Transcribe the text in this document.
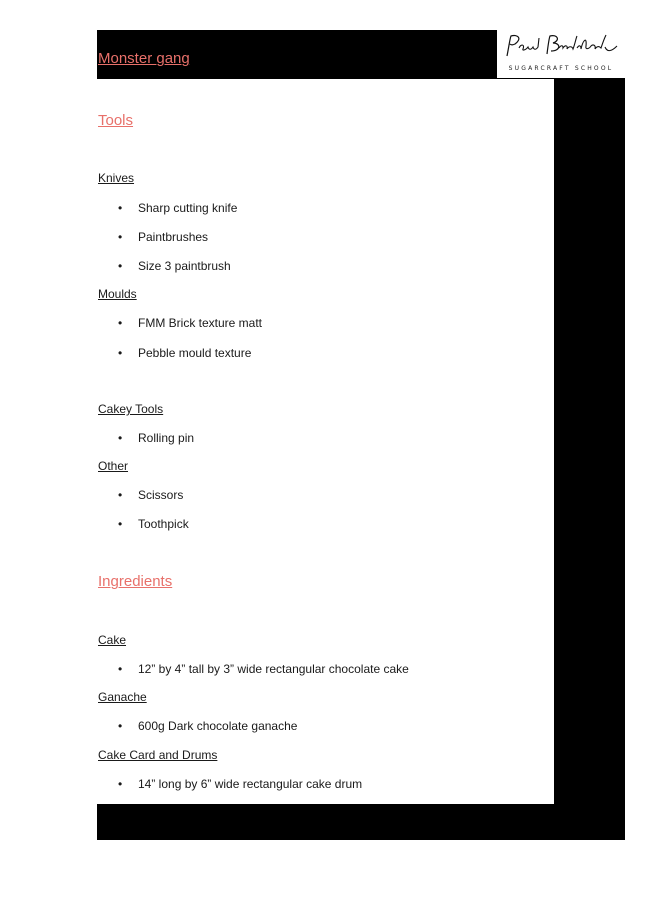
SUGARCRAFT SCHOOL
Monster gang
Tools
Knives
• Sharp cutting knife
• Paintbrushes
• Size 3 paintbrush
Moulds
• FMM Brick texture matt
• Pebble mould texture
Cakey Tools
• Rolling pin
Other
• Scissors
• Toothpick
Ingredients
Cake
• 12” by 4” tall by 3” wide rectangular chocolate cake
Ganache
• 600g Dark chocolate ganache
Cake Card and Drums
• 14” long by 6” wide rectangular cake drum
